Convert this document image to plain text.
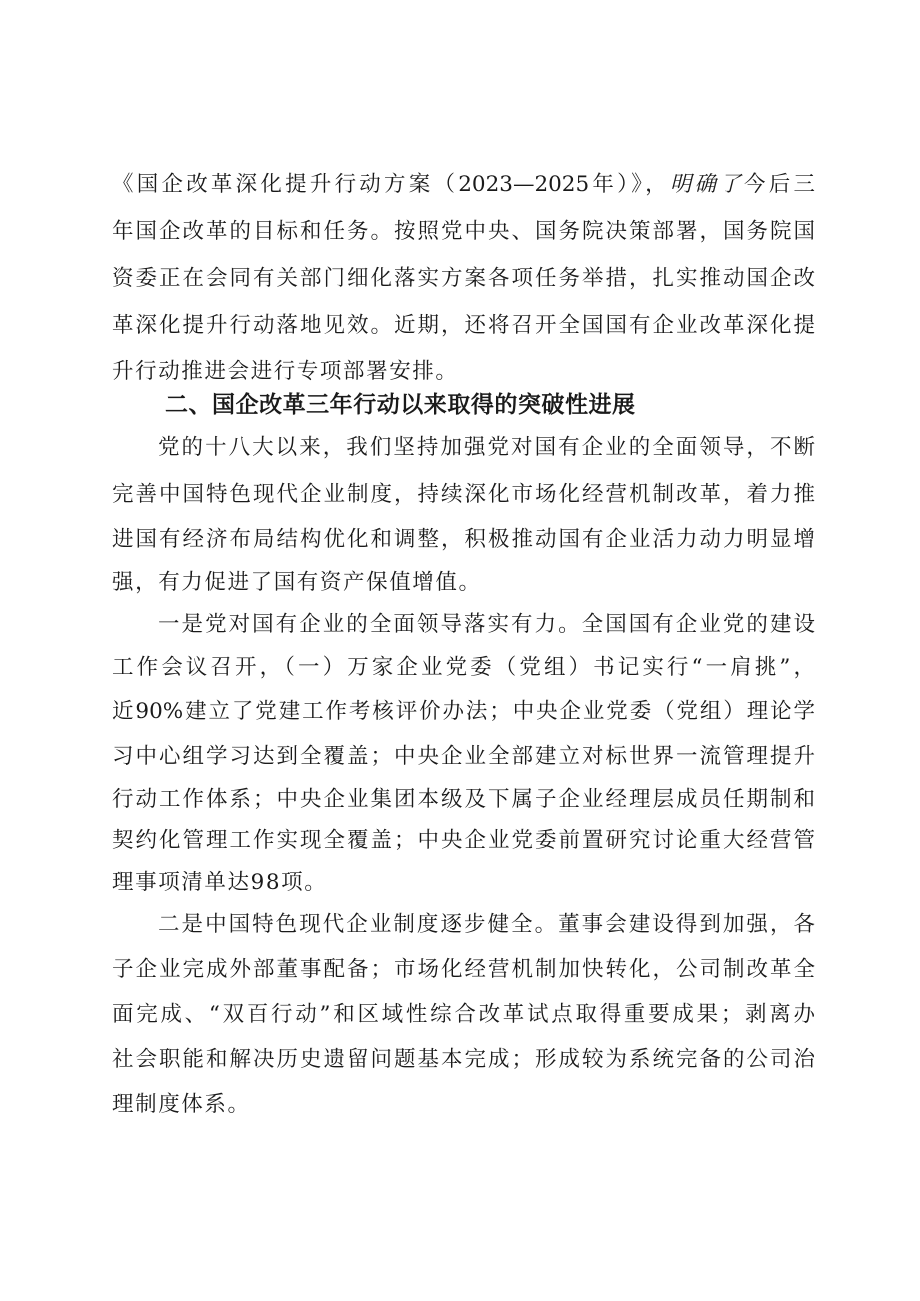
《国企改革深化提升行动方案（2023—2025年）》，明确了今后三
年国企改革的目标和任务。按照党中央、国务院决策部署，国务院国
资委正在会同有关部门细化落实方案各项任务举措，扎实推动国企改
革深化提升行动落地见效。近期，还将召开全国国有企业改革深化提
升行动推进会进行专项部署安排。
二、国企改革三年行动以来取得的突破性进展
党的十八大以来，我们坚持加强党对国有企业的全面领导，不断
完善中国特色现代企业制度，持续深化市场化经营机制改革，着力推
进国有经济布局结构优化和调整，积极推动国有企业活力动力明显增
强，有力促进了国有资产保值增值。
一是党对国有企业的全面领导落实有力。全国国有企业党的建设
工作会议召开，（一）万家企业党委（党组）书记实行“一肩挑”，
近90%建立了党建工作考核评价办法；中央企业党委（党组）理论学
习中心组学习达到全覆盖；中央企业全部建立对标世界一流管理提升
行动工作体系；中央企业集团本级及下属子企业经理层成员任期制和
契约化管理工作实现全覆盖；中央企业党委前置研究讨论重大经营管
理事项清单达98项。
二是中国特色现代企业制度逐步健全。董事会建设得到加强，各
子企业完成外部董事配备；市场化经营机制加快转化，公司制改革全
面完成、“双百行动”和区域性综合改革试点取得重要成果；剥离办
社会职能和解决历史遗留问题基本完成；形成较为系统完备的公司治
理制度体系。
